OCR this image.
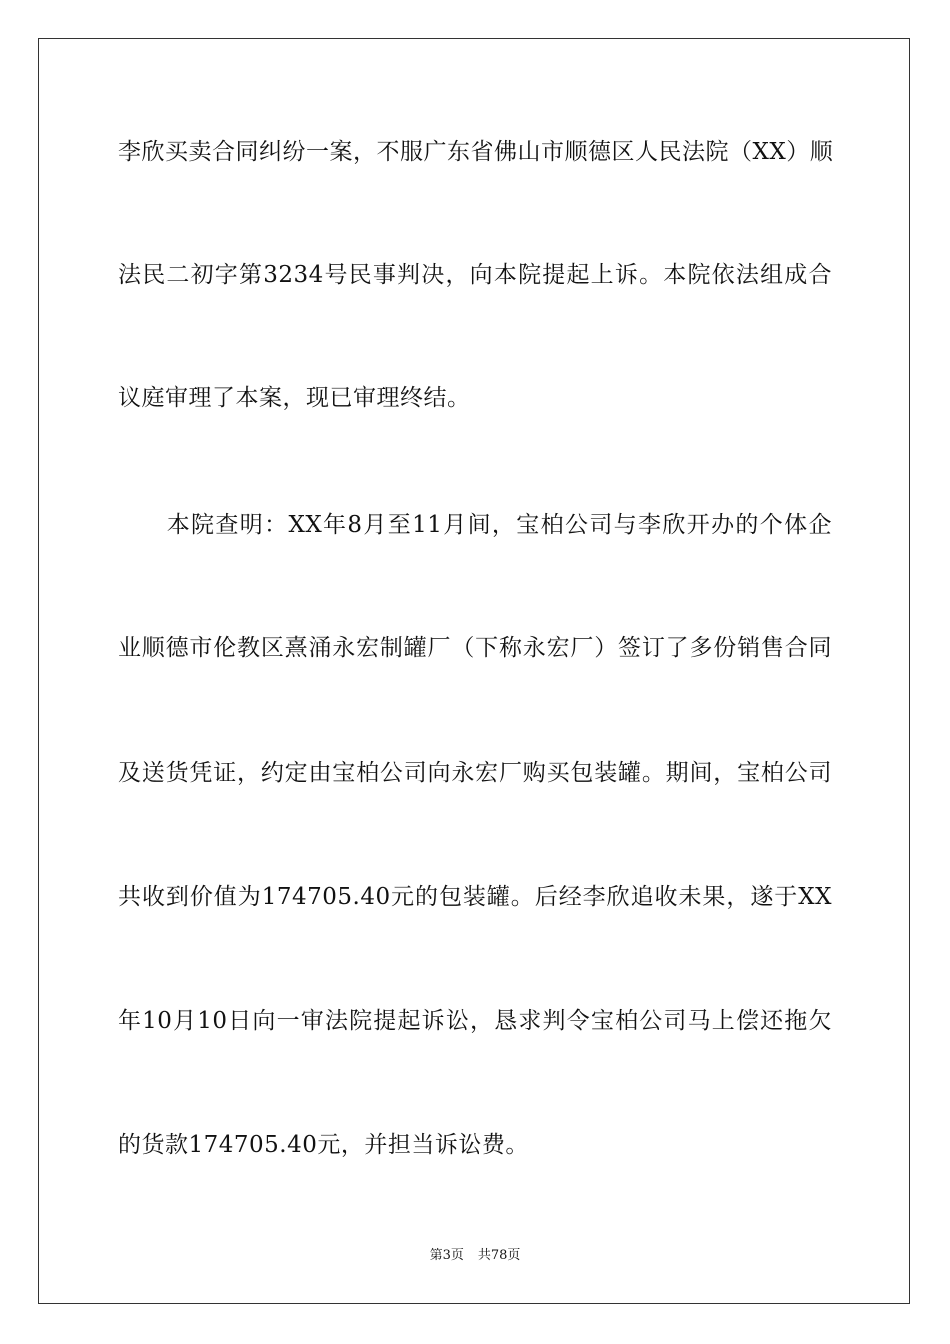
李欣买卖合同纠纷一案，不服广东省佛山市顺德区人民法院（XX）顺
法民二初字第3234号民事判决，向本院提起上诉。本院依法组成合
议庭审理了本案，现已审理终结。
　　本院查明：XX年8月至11月间，宝柏公司与李欣开办的个体企
业顺德市伦教区熹涌永宏制罐厂（下称永宏厂）签订了多份销售合同
及送货凭证，约定由宝柏公司向永宏厂购买包装罐。期间，宝柏公司
共收到价值为174705.40元的包装罐。后经李欣追收未果，遂于XX
年10月10日向一审法院提起诉讼，恳求判令宝柏公司马上偿还拖欠
的货款174705.40元，并担当诉讼费。
第3页 共78页
